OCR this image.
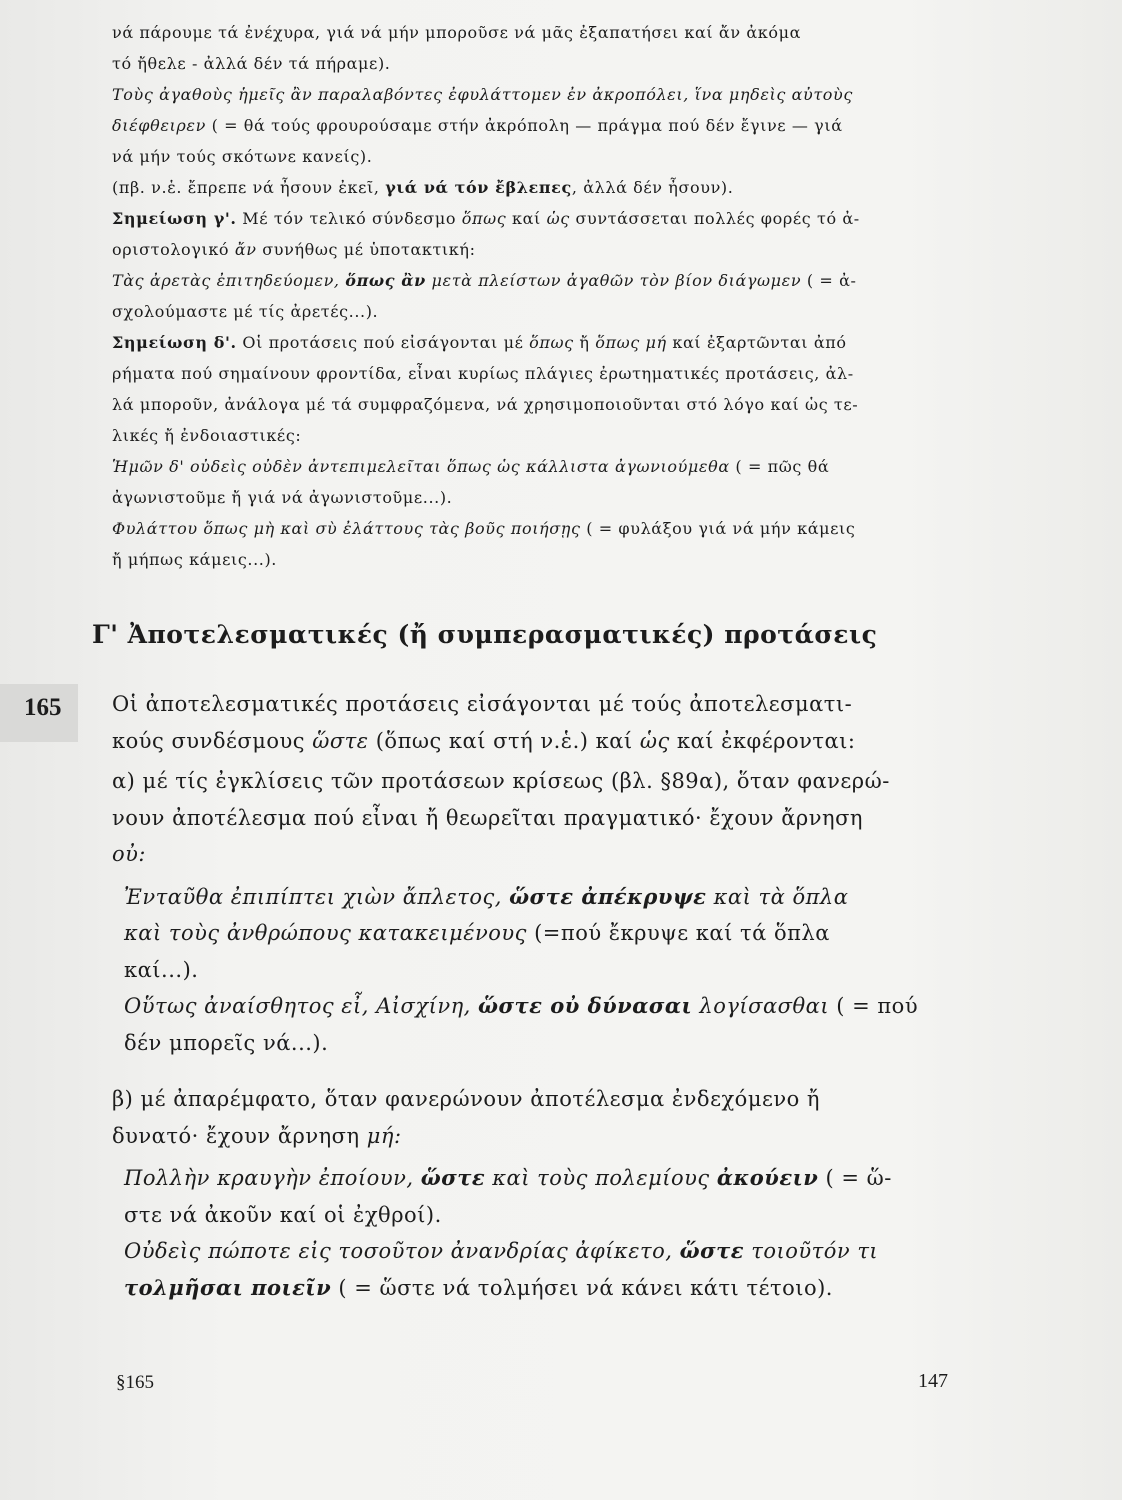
νά πάρουμε τά ἐνέχυρα, γιά νά μήν μποροῦσε νά μᾶς ἐξαπατήσει καί ἄν ἀκόμα

τό ἤθελε - ἀλλά δέν τά πήραμε).

Τοὺς ἀγαθοὺς ἡμεῖς ἂν παραλαβόντες ἐφυλάττομεν ἐν ἀκροπόλει, ἵνα μηδεὶς αὐτοὺς

διέφθειρεν ( = θά τούς φρουρούσαμε στήν ἀκρόπολη — πράγμα πού δέν ἔγινε — γιά

νά μήν τούς σκότωνε κανείς).

(πβ. ν.ἑ. ἔπρεπε νά ἦσουν ἐκεῖ, γιά νά τόν ἔβλεπες, ἀλλά δέν ἦσουν).

Σημείωση γ'. Μέ τόν τελικό σύνδεσμο ὅπως καί ὡς συντάσσεται πολλές φορές τό ἀ-

οριστολογικό ἄν συνήθως μέ ὑποτακτική:

Τὰς ἀρετὰς ἐπιτηδεύομεν, ὅπως ἂν μετὰ πλείστων ἀγαθῶν τὸν βίον διάγωμεν ( = ἀ-

σχολούμαστε μέ τίς ἀρετές...).

Σημείωση δ'. Οἱ προτάσεις πού εἰσάγονται μέ ὅπως ἤ ὅπως μή καί ἐξαρτῶνται ἀπό

ρήματα πού σημαίνουν φροντίδα, εἶναι κυρίως πλάγιες ἐρωτηματικές προτάσεις, ἀλ-

λά μποροῦν, ἀνάλογα μέ τά συμφραζόμενα, νά χρησιμοποιοῦνται στό λόγο καί ὡς τε-

λικές ἤ ἐνδοιαστικές:

Ἡμῶν δ' οὐδεὶς οὐδὲν ἀντεπιμελεῖται ὅπως ὡς κάλλιστα ἀγωνιούμεθα ( = πῶς θά

ἀγωνιστοῦμε ἤ γιά νά ἀγωνιστοῦμε...).

Φυλάττου ὅπως μὴ καὶ σὺ ἐλάττους τὰς βοῦς ποιήσῃς ( = φυλάξου γιά νά μήν κάμεις

ἤ μήπως κάμεις...).

Γ' Ἀποτελεσματικές (ἤ συμπερασματικές) προτάσεις
165 Οἱ ἀποτελεσματικές προτάσεις εἰσάγονται μέ τούς ἀποτελεσματι-

κούς συνδέσμους ὥστε (ὅπως καί στή ν.ἑ.) καί ὡς καί ἐκφέρονται:

α) μέ τίς ἐγκλίσεις τῶν προτάσεων κρίσεως (βλ. §89α), ὅταν φανερώ-

νουν ἀποτέλεσμα πού εἶναι ἤ θεωρεῖται πραγματικό· ἔχουν ἄρνηση

οὐ:

Ἐνταῦθα ἐπιπίπτει χιὼν ἄπλετος, ὥστε ἀπέκρυψε καὶ τὰ ὅπλα

καὶ τοὺς ἀνθρώπους κατακειμένους (=πού ἔκρυψε καί τά ὅπλα

καί...).

Οὕτως ἀναίσθητος εἶ, Αἰσχίνη, ὥστε οὐ δύνασαι λογίσασθαι ( = πού

δέν μπορεῖς νά...).

β) μέ ἀπαρέμφατο, ὅταν φανερώνουν ἀποτέλεσμα ἐνδεχόμενο ἤ

δυνατό· ἔχουν ἄρνηση μή:

Πολλὴν κραυγὴν ἐποίουν, ὥστε καὶ τοὺς πολεμίους ἀκούειν ( = ὥ-

στε νά ἀκοῦν καί οἱ ἐχθροί).

Οὐδεὶς πώποτε εἰς τοσοῦτον ἀνανδρίας ἀφίκετο, ὥστε τοιοῦτόν τι

τολμῆσαι ποιεῖν ( = ὥστε νά τολμήσει νά κάνει κάτι τέτοιο).

§165	147
